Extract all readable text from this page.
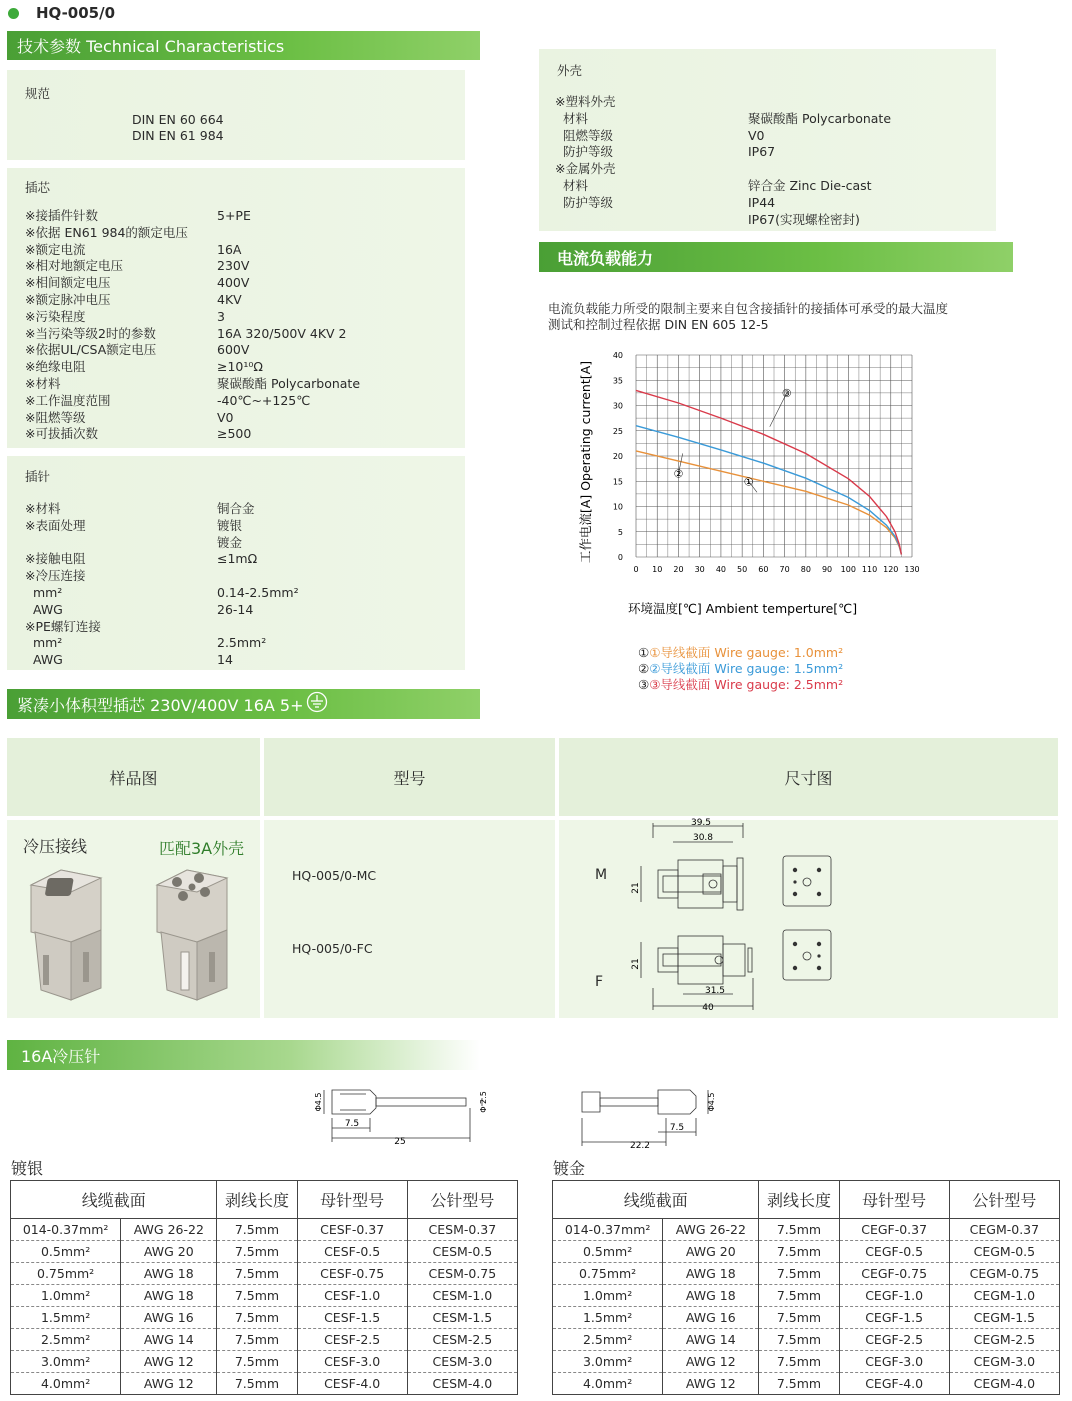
HQ-005/0
技术参数 Technical Characteristics
规范
DIN EN 60 664
DIN EN 61 984
插芯
※接插件针数	5+PE
※依据 EN61 984的额定电压
※额定电流	16A
※相对地额定电压	230V
※相间额定电压	400V
※额定脉冲电压	4KV
※污染程度	3
※当污染等级2时的参数	16A 320/500V 4KV 2
※依据UL/CSA额定电压	600V
※绝缘电阻	≥10¹⁰Ω
※材料	聚碳酸酯 Polycarbonate
※工作温度范围	-40℃~+125℃
※阻燃等级	V0
※可拔插次数	≥500
插针
※材料	铜合金
※表面处理	镀银
镀金
※接触电阻	≤1mΩ
※冷压连接
mm²	0.14-2.5mm²
AWG	26-14
※PE螺钉连接
mm²	2.5mm²
AWG	14
外壳
※塑料外壳
材料	聚碳酸酯 Polycarbonate
阻燃等级	V0
防护等级	IP67
※金属外壳
材料	锌合金 Zinc Die-cast
防护等级	IP44
IP67(实现螺栓密封)
电流负载能力
电流负载能力所受的限制主要来自包含接插针的接插体可承受的最大温度
测试和控制过程依据 DIN EN 605 12-5
0 10 20 30 40 50 60 70 80 90 100 110 120 130
0
5
10
15
20
25
30
35
40
工作电流[A] Operating current[A]
环境温度[℃] Ambient temperture[℃]
①
②
③
①①导线截面 Wire gauge: 1.0mm²
②②导线截面 Wire gauge: 1.5mm²
③③导线截面 Wire gauge: 2.5mm²
紧凑小体积型插芯 230V/400V 16A 5+
样品图	型号	尺寸图
冷压接线	匹配3A外壳
HQ-005/0-MC
HQ-005/0-FC
M
F
39.5
30.8
21
21
31.5
40
16A冷压针
Φ4.5
7.5
25
Φ 2.5	Φ4.5
7.5
22.2
镀银	镀金
线缆截面		剥线长度	母针型号	公针型号
014-0.37mm²	AWG 26-22	7.5mm	CESF-0.37	CESM-0.37
0.5mm²	AWG 20	7.5mm	CESF-0.5	CESM-0.5
0.75mm²	AWG 18	7.5mm	CESF-0.75	CESM-0.75
1.0mm²	AWG 18	7.5mm	CESF-1.0	CESM-1.0
1.5mm²	AWG 16	7.5mm	CESF-1.5	CESM-1.5
2.5mm²	AWG 14	7.5mm	CESF-2.5	CESM-2.5
3.0mm²	AWG 12	7.5mm	CESF-3.0	CESM-3.0
4.0mm²	AWG 12	7.5mm	CESF-4.0	CESM-4.0
线缆截面		剥线长度	母针型号	公针型号
014-0.37mm²	AWG 26-22	7.5mm	CEGF-0.37	CEGM-0.37
0.5mm²	AWG 20	7.5mm	CEGF-0.5	CEGM-0.5
0.75mm²	AWG 18	7.5mm	CEGF-0.75	CEGM-0.75
1.0mm²	AWG 18	7.5mm	CEGF-1.0	CEGM-1.0
1.5mm²	AWG 16	7.5mm	CEGF-1.5	CEGM-1.5
2.5mm²	AWG 14	7.5mm	CEGF-2.5	CEGM-2.5
3.0mm²	AWG 12	7.5mm	CEGF-3.0	CEGM-3.0
4.0mm²	AWG 12	7.5mm	CEGF-4.0	CEGM-4.0
